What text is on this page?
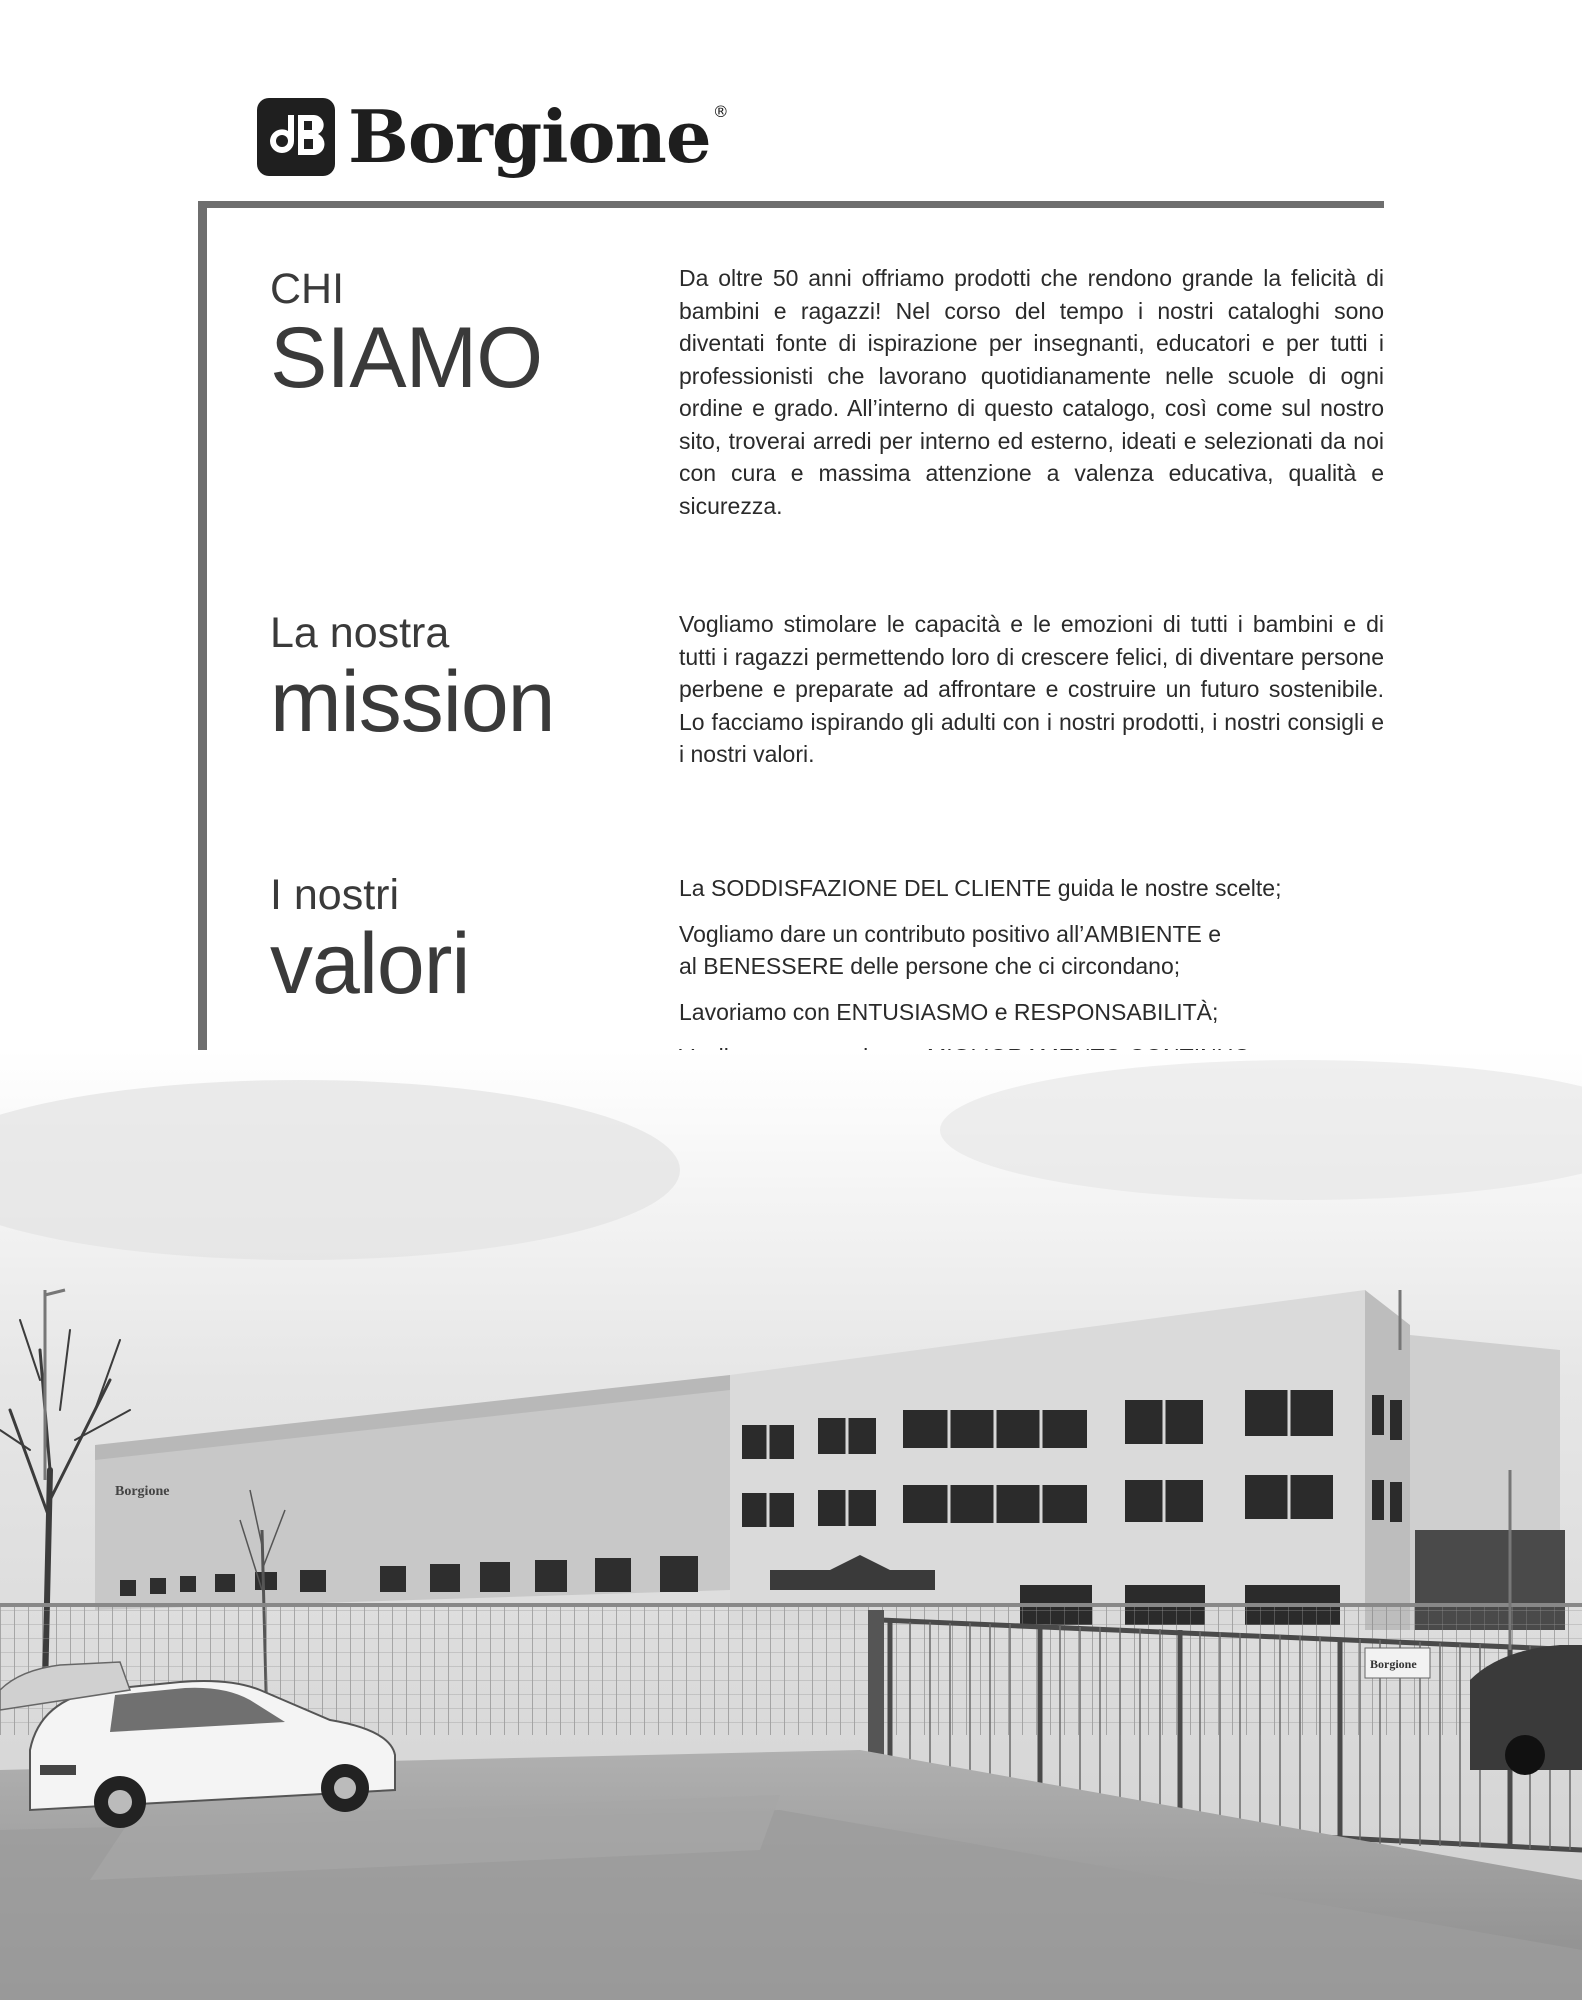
Borgione ®
CHI
SIAMO

Da oltre 50 anni offriamo prodotti che rendono grande la felicità di bambini e ragazzi! Nel corso del tempo i nostri cataloghi sono diventati fonte di ispirazione per insegnanti, educatori e per tutti i professionisti che lavorano quotidianamente nelle scuole di ogni ordine e grado. All’interno di questo catalogo, così come sul nostro sito, troverai arredi per interno ed esterno, ideati e selezionati da noi con cura e massima attenzione a valenza educativa, qualità e sicurezza.

La nostra
mission

Vogliamo stimolare le capacità e le emozioni di tutti i bambini e di tutti i ragazzi permettendo loro di crescere felici, di diventare persone perbene e preparate ad affrontare e costruire un futuro sostenibile. Lo facciamo ispirando gli adulti con i nostri prodotti, i nostri consigli e i nostri valori.

I nostri
valori
La SODDISFAZIONE DEL CLIENTE guida le nostre scelte;
Vogliamo dare un contributo positivo all’AMBIENTE e
al BENESSERE delle persone che ci circondano;
Lavoriamo con ENTUSIASMO e RESPONSABILITÀ;
Borgione
Borgione
